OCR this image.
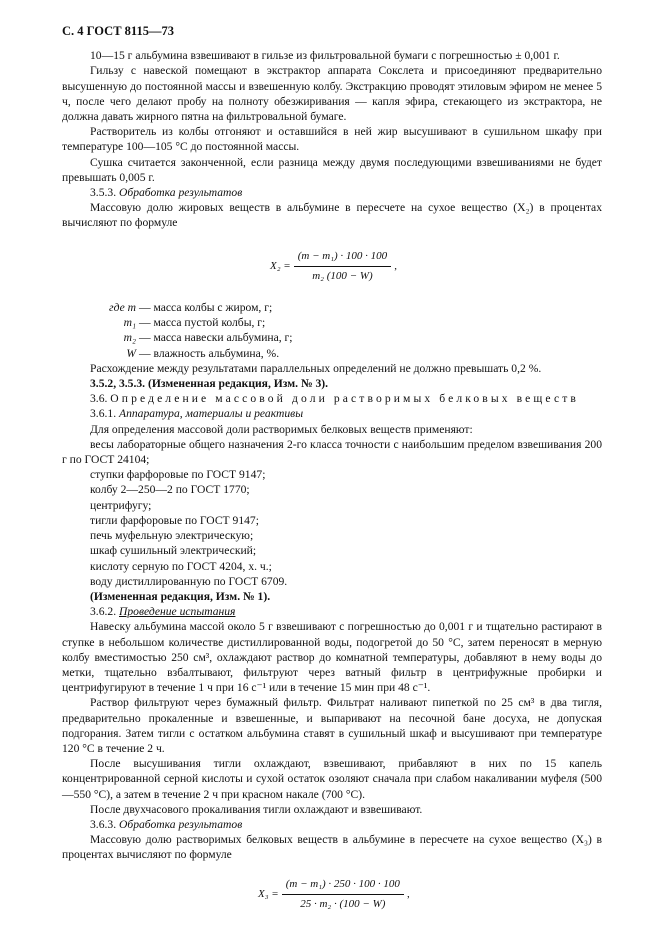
С. 4 ГОСТ 8115—73

10—15 г альбумина взвешивают в гильзе из фильтровальной бумаги с погрешностью ± 0,001 г.

Гильзу с навеской помещают в экстрактор аппарата Сокслета и присоединяют предварительно высушенную до постоянной массы и взвешенную колбу. Экстракцию проводят этиловым эфиром не менее 5 ч, после чего делают пробу на полноту обезжиривания — капля эфира, стекающего из экстрактора, не должна давать жирного пятна на фильтровальной бумаге.

Растворитель из колбы отгоняют и оставшийся в ней жир высушивают в сушильном шкафу при температуре 100—105 °С до постоянной массы.

Сушка считается законченной, если разница между двумя последующими взвешиваниями не будет превышать 0,005 г.

3.5.3. Обработка результатов

Массовую долю жировых веществ в альбумине в пересчете на сухое вещество (X₂) в процентах вычисляют по формуле

$X_2 = \frac{\text{(m − m₁) · 100 · 100}}{\text{m₂ (100 − W)}}$ ,
где m — масса колбы с жиром, г;
m₁ — масса пустой колбы, г;
m₂ — масса навески альбумина, г;
W — влажность альбумина, %.

Расхождение между результатами параллельных определений не должно превышать 0,2 %.

3.5.2, 3.5.3. (Измененная редакция, Изм. № 3).

3.6. Определение массовой доли растворимых белковых веществ

3.6.1. Аппаратура, материалы и реактивы

Для определения массовой доли растворимых белковых веществ применяют:

весы лабораторные общего назначения 2-го класса точности с наибольшим пределом взвешивания 200 г по ГОСТ 24104;

ступки фарфоровые по ГОСТ 9147;

колбу 2—250—2 по ГОСТ 1770;

центрифугу;

тигли фарфоровые по ГОСТ 9147;

печь муфельную электрическую;

шкаф сушильный электрический;

кислоту серную по ГОСТ 4204, х. ч.;

воду дистиллированную по ГОСТ 6709.

(Измененная редакция, Изм. № 1).

3.6.2. Проведение испытания

Навеску альбумина массой около 5 г взвешивают с погрешностью до 0,001 г и тщательно растирают в ступке в небольшом количестве дистиллированной воды, подогретой до 50 °С, затем переносят в мерную колбу вместимостью 250 см³, охлаждают раствор до комнатной температуры, добавляют в нему воды до метки, тщательно взбалтывают, фильтруют через ватный фильтр в центрифужные пробирки и центрифугируют в течение 1 ч при 16 с⁻¹ или в течение 15 мин при 48 с⁻¹.

Раствор фильтруют через бумажный фильтр. Фильтрат наливают пипеткой по 25 см³ в два тигля, предварительно прокаленные и взвешенные, и выпаривают на песочной бане досуха, не допуская подгорания. Затем тигли с остатком альбумина ставят в сушильный шкаф и высушивают при температуре 120 °С в течение 2 ч.

После высушивания тигли охлаждают, взвешивают, прибавляют в них по 15 капель концентрированной серной кислоты и сухой остаток озоляют сначала при слабом накаливании муфеля (500—550 °С), а затем в течение 2 ч при красном накале (700 °С).

После двухчасового прокаливания тигли охлаждают и взвешивают.

3.6.3. Обработка результатов

Массовую долю растворимых белковых веществ в альбумине в пересчете на сухое вещество (X₃) в процентах вычисляют по формуле

$X_3 = \frac{\text{(m − m₁) · 250 · 100 · 100}}{\text{25 · m₂ · (100 − W)}}$ ,
